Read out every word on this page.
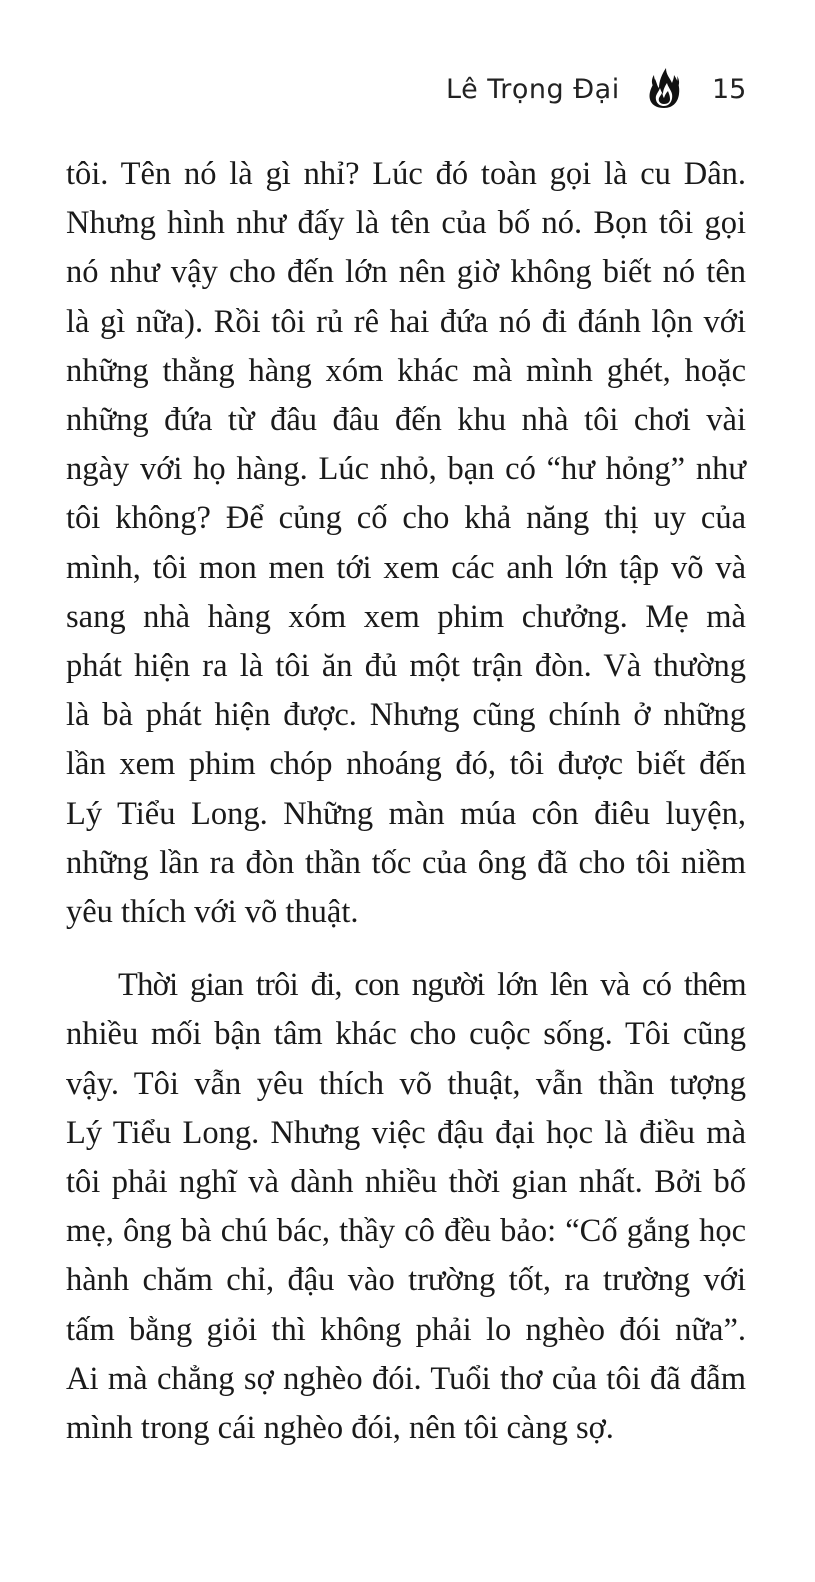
Lê Trọng Đại	15

tôi. Tên nó là gì nhỉ? Lúc đó toàn gọi là cu Dân.
Nhưng hình như đấy là tên của bố nó. Bọn tôi gọi
nó như vậy cho đến lớn nên giờ không biết nó tên
là gì nữa). Rồi tôi rủ rê hai đứa nó đi đánh lộn với
những thằng hàng xóm khác mà mình ghét, hoặc
những đứa từ đâu đâu đến khu nhà tôi chơi vài
ngày với họ hàng. Lúc nhỏ, bạn có “hư hỏng” như
tôi không? Để củng cố cho khả năng thị uy của
mình, tôi mon men tới xem các anh lớn tập võ và
sang nhà hàng xóm xem phim chưởng. Mẹ mà
phát hiện ra là tôi ăn đủ một trận đòn. Và thường
là bà phát hiện được. Nhưng cũng chính ở những
lần xem phim chóp nhoáng đó, tôi được biết đến
Lý Tiểu Long. Những màn múa côn điêu luyện,
những lần ra đòn thần tốc của ông đã cho tôi niềm
yêu thích với võ thuật.

Thời gian trôi đi, con người lớn lên và có thêm
nhiều mối bận tâm khác cho cuộc sống. Tôi cũng
vậy. Tôi vẫn yêu thích võ thuật, vẫn thần tượng
Lý Tiểu Long. Nhưng việc đậu đại học là điều mà
tôi phải nghĩ và dành nhiều thời gian nhất. Bởi bố
mẹ, ông bà chú bác, thầy cô đều bảo: “Cố gắng học
hành chăm chỉ, đậu vào trường tốt, ra trường với
tấm bằng giỏi thì không phải lo nghèo đói nữa”.
Ai mà chẳng sợ nghèo đói. Tuổi thơ của tôi đã đẫm
mình trong cái nghèo đói, nên tôi càng sợ.
